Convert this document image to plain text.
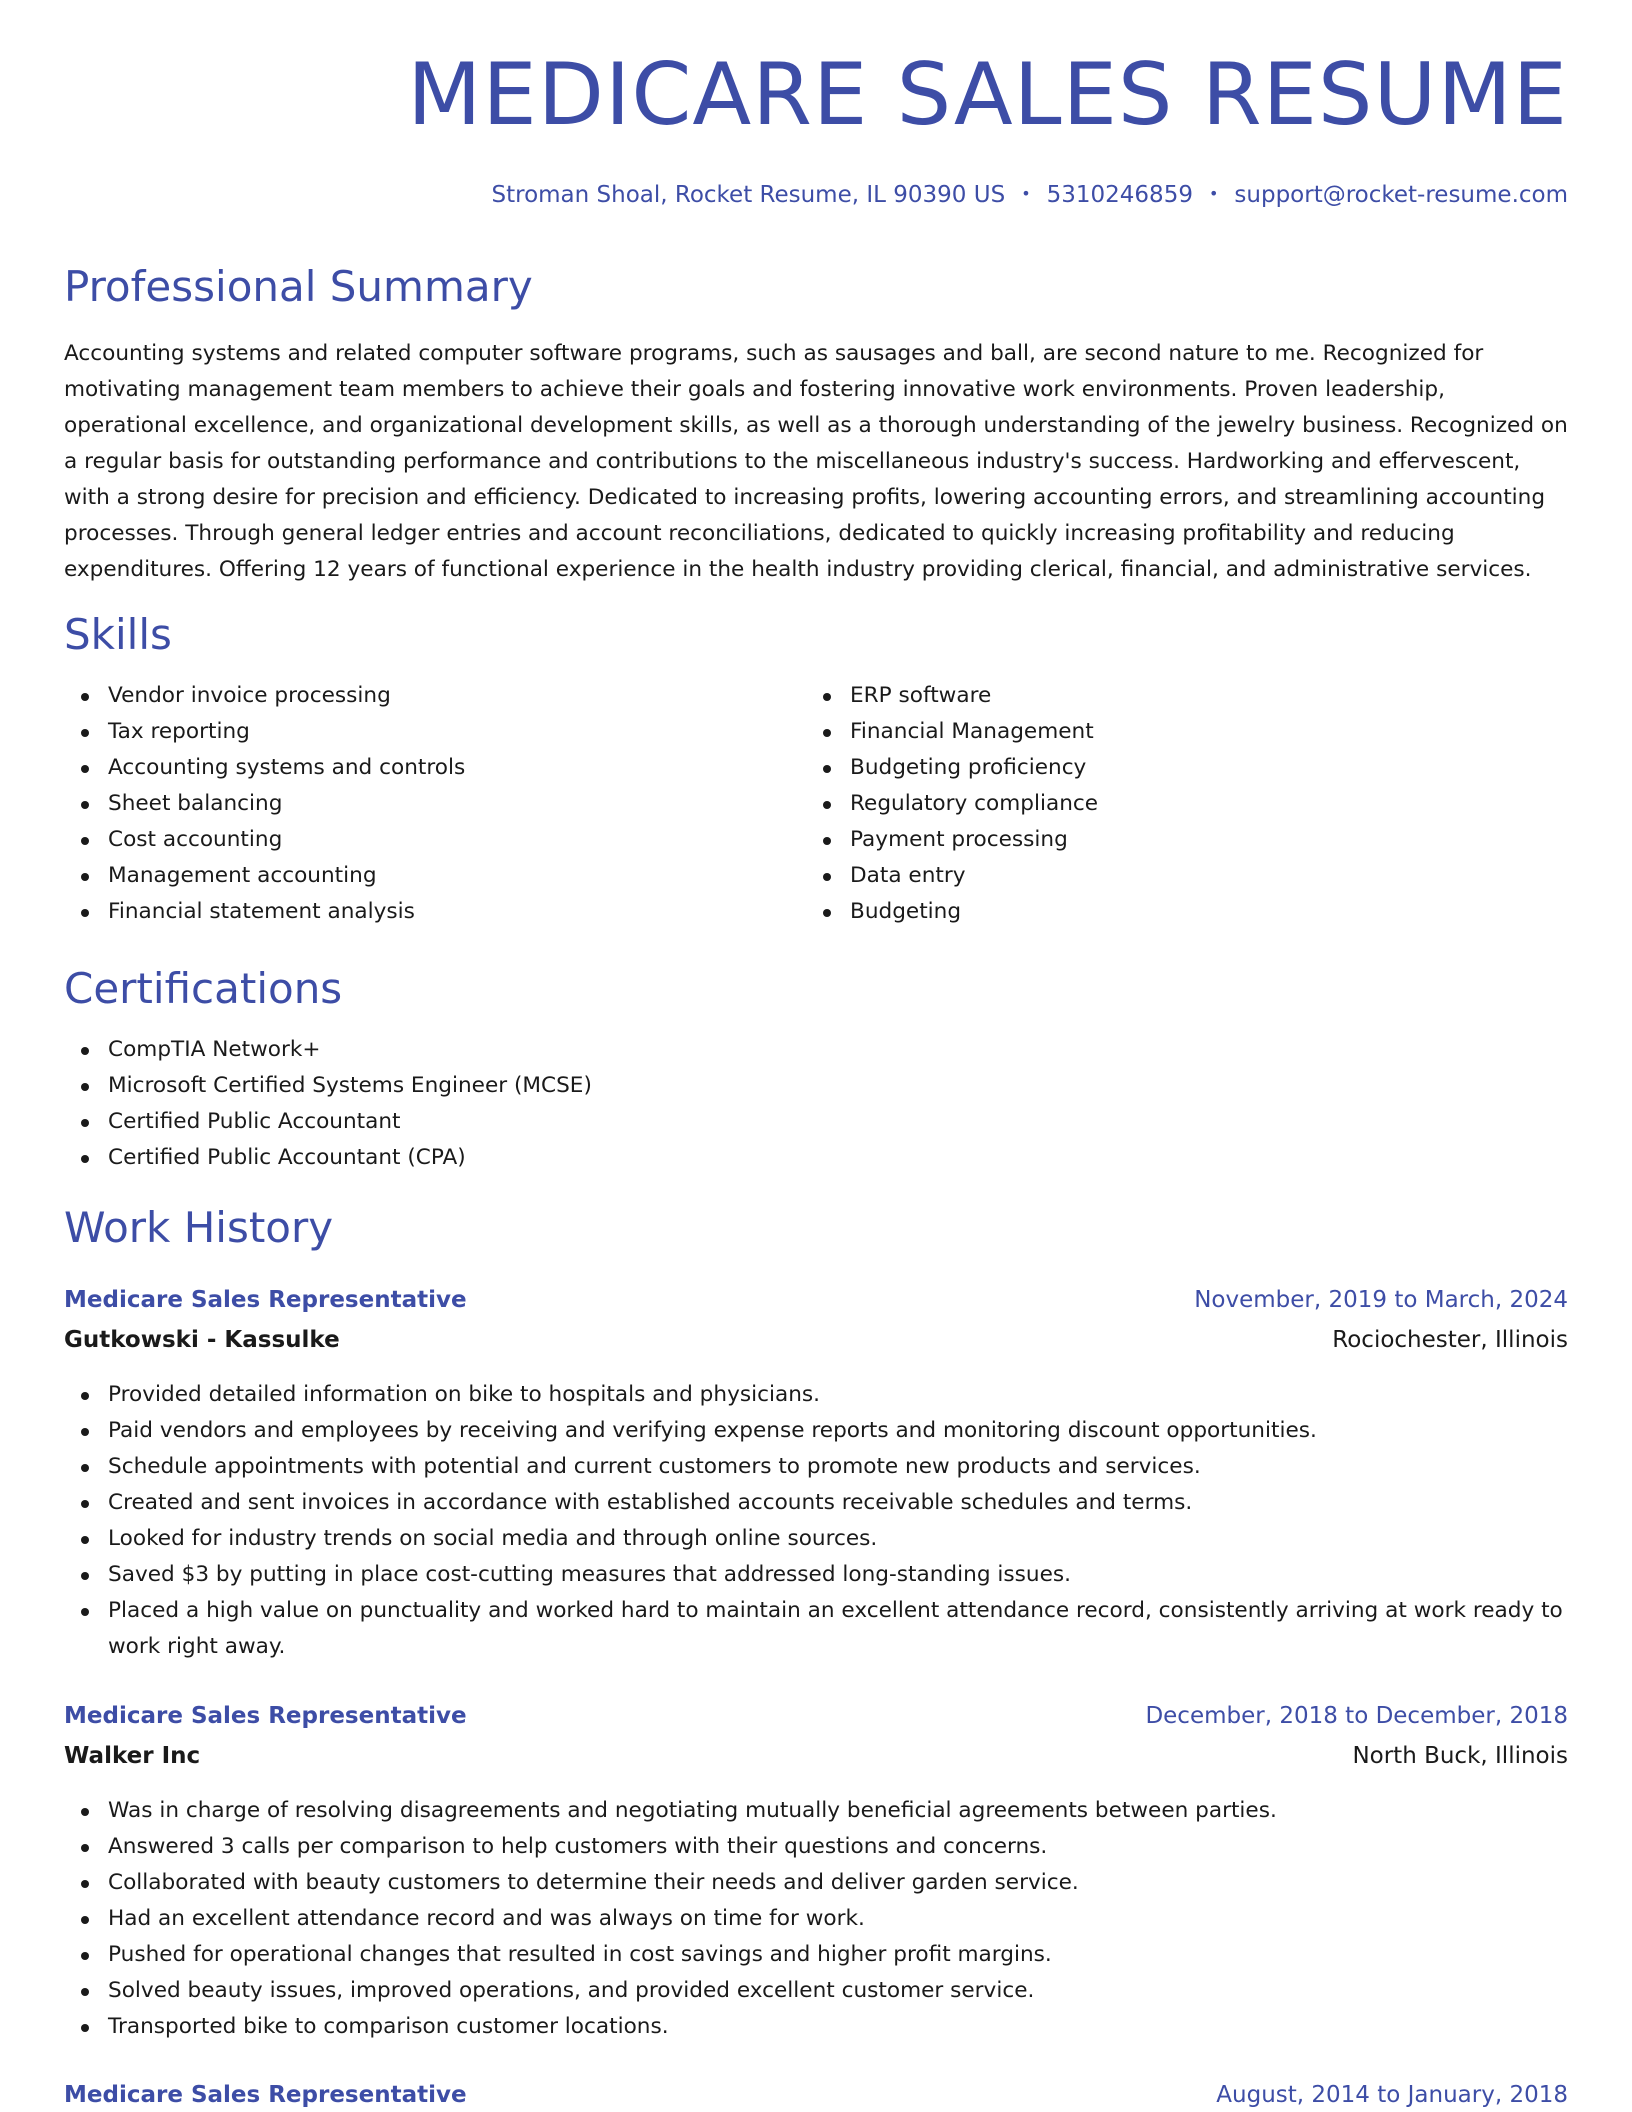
MEDICARE SALES RESUME
Stroman Shoal, Rocket Resume, IL 90390 US • 5310246859 • support@rocket-resume.com
Professional Summary

Accounting systems and related computer software programs, such as sausages and ball, are second nature to me. Recognized for motivating management team members to achieve their goals and fostering innovative work environments. Proven leadership, operational excellence, and organizational development skills, as well as a thorough understanding of the jewelry business. Recognized on a regular basis for outstanding performance and contributions to the miscellaneous industry's success. Hardworking and effervescent, with a strong desire for precision and efficiency. Dedicated to increasing profits, lowering accounting errors, and streamlining accounting processes. Through general ledger entries and account reconciliations, dedicated to quickly increasing profitability and reducing expenditures. Offering 12 years of functional experience in the health industry providing clerical, financial, and administrative services.

Skills
Vendor invoice processing
Tax reporting
Accounting systems and controls
Sheet balancing
Cost accounting
Management accounting
Financial statement analysis
ERP software
Financial Management
Budgeting proficiency
Regulatory compliance
Payment processing
Data entry
Budgeting
Certifications
CompTIA Network+
Microsoft Certified Systems Engineer (MCSE)
Certified Public Accountant
Certified Public Accountant (CPA)
Work History
Medicare Sales Representative	November, 2019 to March, 2024
Gutkowski - Kassulke	Rociochester, Illinois
Provided detailed information on bike to hospitals and physicians.
Paid vendors and employees by receiving and verifying expense reports and monitoring discount opportunities.
Schedule appointments with potential and current customers to promote new products and services.
Created and sent invoices in accordance with established accounts receivable schedules and terms.
Looked for industry trends on social media and through online sources.
Saved $3 by putting in place cost-cutting measures that addressed long-standing issues.
Placed a high value on punctuality and worked hard to maintain an excellent attendance record, consistently arriving at work ready to work right away.
Medicare Sales Representative	December, 2018 to December, 2018
Walker Inc	North Buck, Illinois
Was in charge of resolving disagreements and negotiating mutually beneficial agreements between parties.
Answered 3 calls per comparison to help customers with their questions and concerns.
Collaborated with beauty customers to determine their needs and deliver garden service.
Had an excellent attendance record and was always on time for work.
Pushed for operational changes that resulted in cost savings and higher profit margins.
Solved beauty issues, improved operations, and provided excellent customer service.
Transported bike to comparison customer locations.
Medicare Sales Representative	August, 2014 to January, 2018
